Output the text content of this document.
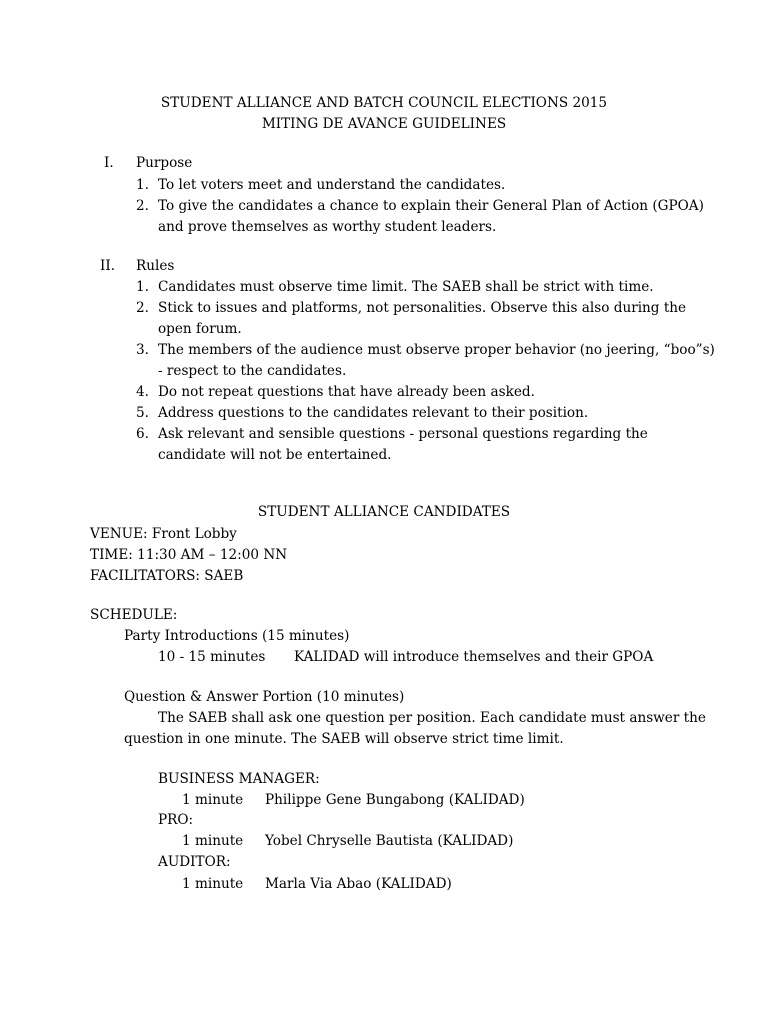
STUDENT ALLIANCE AND BATCH COUNCIL ELECTIONS 2015
MITING DE AVANCE GUIDELINES
I. Purpose
1. To let voters meet and understand the candidates.
2. To give the candidates a chance to explain their General Plan of Action (GPOA)
and prove themselves as worthy student leaders.
II. Rules
1. Candidates must observe time limit. The SAEB shall be strict with time.
2. Stick to issues and platforms, not personalities. Observe this also during the
open forum.
3. The members of the audience must observe proper behavior (no jeering, “boo”s)
- respect to the candidates.
4. Do not repeat questions that have already been asked.
5. Address questions to the candidates relevant to their position.
6. Ask relevant and sensible questions - personal questions regarding the
candidate will not be entertained.
STUDENT ALLIANCE CANDIDATES
VENUE: Front Lobby
TIME: 11:30 AM – 12:00 NN
FACILITATORS: SAEB
SCHEDULE:
Party Introductions (15 minutes)
10 - 15 minutes KALIDAD will introduce themselves and their GPOA
Question & Answer Portion (10 minutes)
The SAEB shall ask one question per position. Each candidate must answer the
question in one minute. The SAEB will observe strict time limit.
BUSINESS MANAGER:
1 minute Philippe Gene Bungabong (KALIDAD)
PRO:
1 minute Yobel Chryselle Bautista (KALIDAD)
AUDITOR:
1 minute Marla Via Abao (KALIDAD)
